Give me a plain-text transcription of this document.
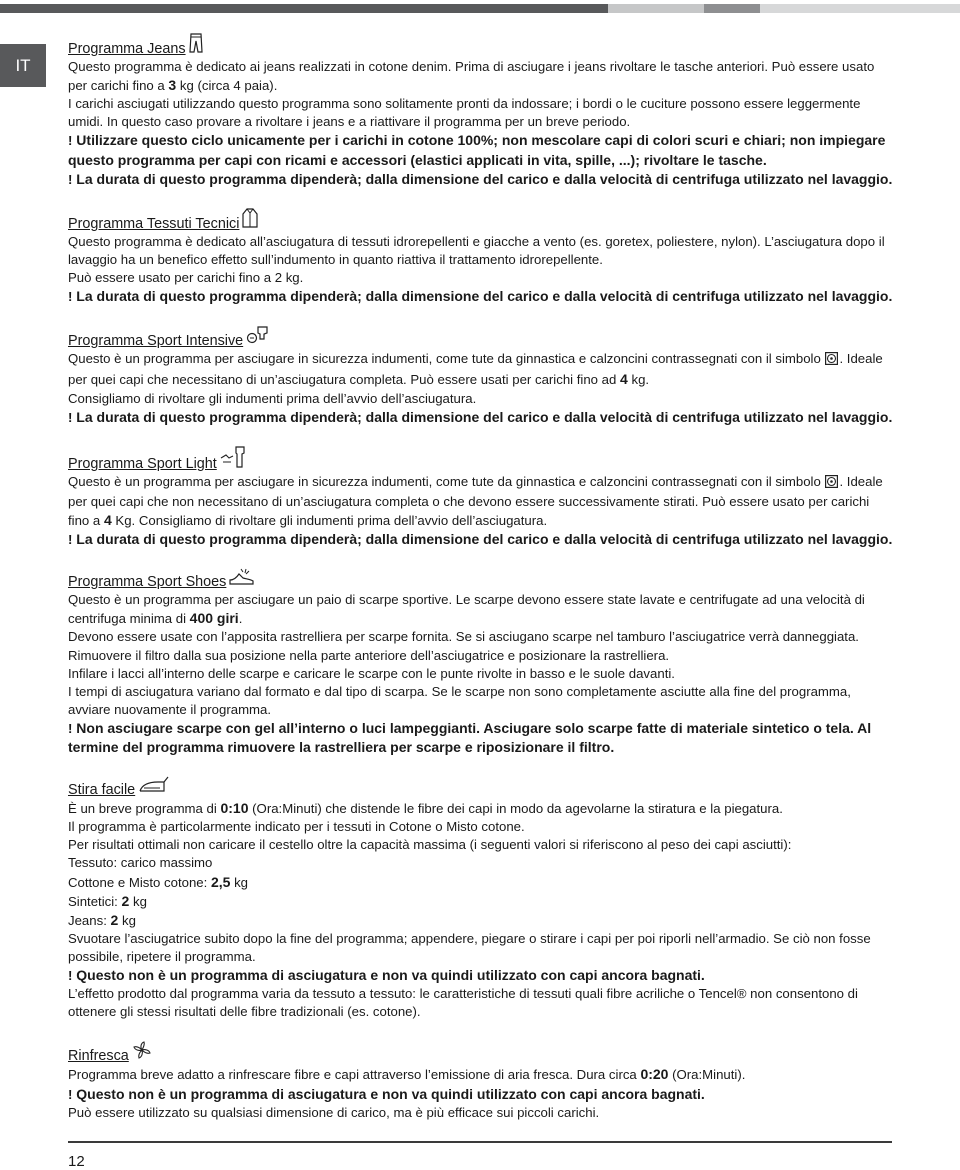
IT
Programma Jeans
Questo programma è dedicato ai jeans realizzati in cotone denim. Prima di asciugare i jeans rivoltare le tasche anteriori. Può essere usato per carichi fino a 3 kg (circa 4 paia).
I carichi asciugati utilizzando questo programma sono solitamente pronti da indossare; i bordi o le cuciture possono essere leggermente umidi. In questo caso provare a rivoltare i jeans e a riattivare il programma per un breve periodo.
! Utilizzare questo ciclo unicamente per i carichi in cotone 100%; non mescolare capi di colori scuri e chiari; non impiegare questo programma per capi con ricami e accessori (elastici applicati in vita, spille, ...); rivoltare le tasche.
! La durata di questo programma dipenderà; dalla dimensione del carico e dalla velocità di centrifuga utilizzato nel lavaggio.
Programma Tessuti Tecnici
Questo programma è dedicato all’asciugatura di tessuti idrorepellenti e giacche a vento (es. goretex, poliestere, nylon). L’asciugatura dopo il lavaggio ha un benefico effetto sull’indumento in quanto riattiva il trattamento idrorepellente.
Può essere usato per carichi fino a 2 kg.
! La durata di questo programma dipenderà; dalla dimensione del carico e dalla velocità di centrifuga utilizzato nel lavaggio.
Programma Sport Intensive
Questo è un programma per asciugare in sicurezza indumenti, come tute da ginnastica e calzoncini contrassegnati con il simbolo . Ideale per quei capi che necessitano di un’asciugatura completa. Può essere usati per carichi fino ad 4 kg.
Consigliamo di rivoltare gli indumenti prima dell’avvio dell’asciugatura.
! La durata di questo programma dipenderà; dalla dimensione del carico e dalla velocità di centrifuga utilizzato nel lavaggio.
Programma Sport Light
Questo è un programma per asciugare in sicurezza indumenti, come tute da ginnastica e calzoncini contrassegnati con il simbolo . Ideale per quei capi che non necessitano di un’asciugatura completa o che devono essere successivamente stirati. Può essere usato per carichi fino a 4 Kg. Consigliamo di rivoltare gli indumenti prima dell’avvio dell’asciugatura.
! La durata di questo programma dipenderà; dalla dimensione del carico e dalla velocità di centrifuga utilizzato nel lavaggio.
Programma Sport Shoes
Questo è un programma per asciugare un paio di scarpe sportive. Le scarpe devono essere state lavate e centrifugate ad una velocità di centrifuga minima di 400 giri.
Devono essere usate con l’apposita rastrelliera per scarpe fornita. Se si asciugano scarpe nel tamburo l’asciugatrice verrà danneggiata. Rimuovere il filtro dalla sua posizione nella parte anteriore dell’asciugatrice e posizionare la rastrelliera.
Infilare i lacci all’interno delle scarpe e caricare le scarpe con le punte rivolte in basso e le suole davanti.
I tempi di asciugatura variano dal formato e dal tipo di scarpa. Se le scarpe non sono completamente asciutte alla fine del programma, avviare nuovamente il programma.
! Non asciugare scarpe con gel all’interno o luci lampeggianti. Asciugare solo scarpe fatte di materiale sintetico o tela. Al termine del programma rimuovere la rastrelliera per scarpe e riposizionare il filtro.
Stira facile
È un breve programma di 0:10 (Ora:Minuti) che distende le fibre dei capi in modo da agevolarne la stiratura e la piegatura.
Il programma è particolarmente indicato per i tessuti in Cotone o Misto cotone.
Per risultati ottimali non caricare il cestello oltre la capacità massima (i seguenti valori si riferiscono al peso dei capi asciutti):
Tessuto: carico massimo
Cottone e Misto cotone: 2,5 kg
Sintetici: 2 kg
Jeans: 2 kg
Svuotare l’asciugatrice subito dopo la fine del programma; appendere, piegare o stirare i capi per poi riporli nell’armadio. Se ciò non fosse possibile, ripetere il programma.
! Questo non è un programma di asciugatura e non va quindi utilizzato con capi ancora bagnati.
L’effetto prodotto dal programma varia da tessuto a tessuto: le caratteristiche di tessuti quali fibre acriliche o Tencel® non consentono di ottenere gli stessi risultati delle fibre tradizionali (es. cotone).
Rinfresca
Programma breve adatto a rinfrescare fibre e capi attraverso l’emissione di aria fresca. Dura circa 0:20 (Ora:Minuti).
! Questo non è un programma di asciugatura e non va quindi utilizzato con capi ancora bagnati.
Può essere utilizzato su qualsiasi dimensione di carico, ma è più efficace sui piccoli carichi.
12
